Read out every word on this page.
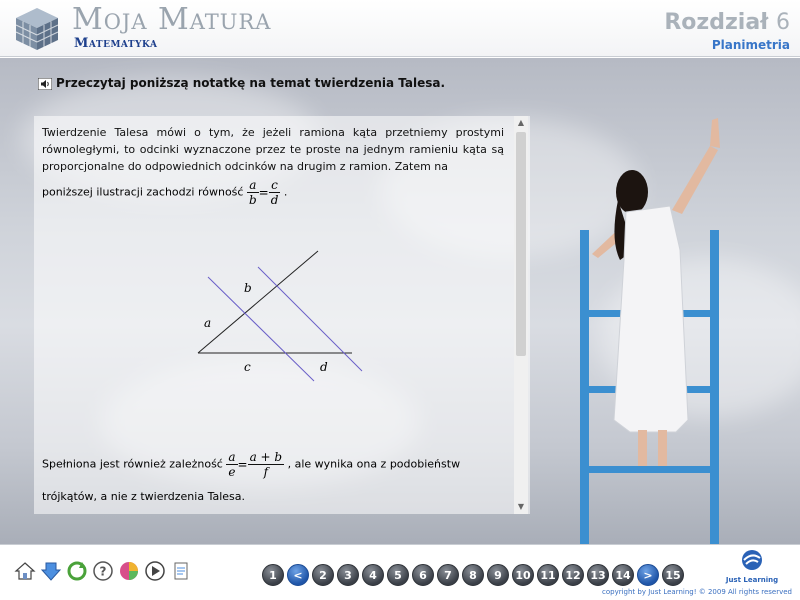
Moja Matura
Matematyka
Rozdział 6
Planimetria
Przeczytaj poniższą notatkę na temat twierdzenia Talesa.
▲
▼
Twierdzenie Talesa mówi o tym, że jeżeli ramiona kąta przetniemy prostymi równoległymi, to odcinki wyznaczone przez te proste na jednym ramieniu kąta są proporcjonalne do odpowiednich odcinków na drugim z ramion. Zatem na
poniższej ilustracji zachodzi równość $\frac{a}{b} = \frac{c}{d}$ .
b
a
c	d
Spełniona jest również zależność $\frac{a}{e} = \frac{a + b}{f}$ , ale wynika ona z podobieństw
trójkątów, a nie z twierdzenia Talesa.
?	1	<	2	3	4	5	6	7	8	9	10 11 12 13 14	>	15	Just Learning
copyright by Just Learning! © 2009 All rights reserved
